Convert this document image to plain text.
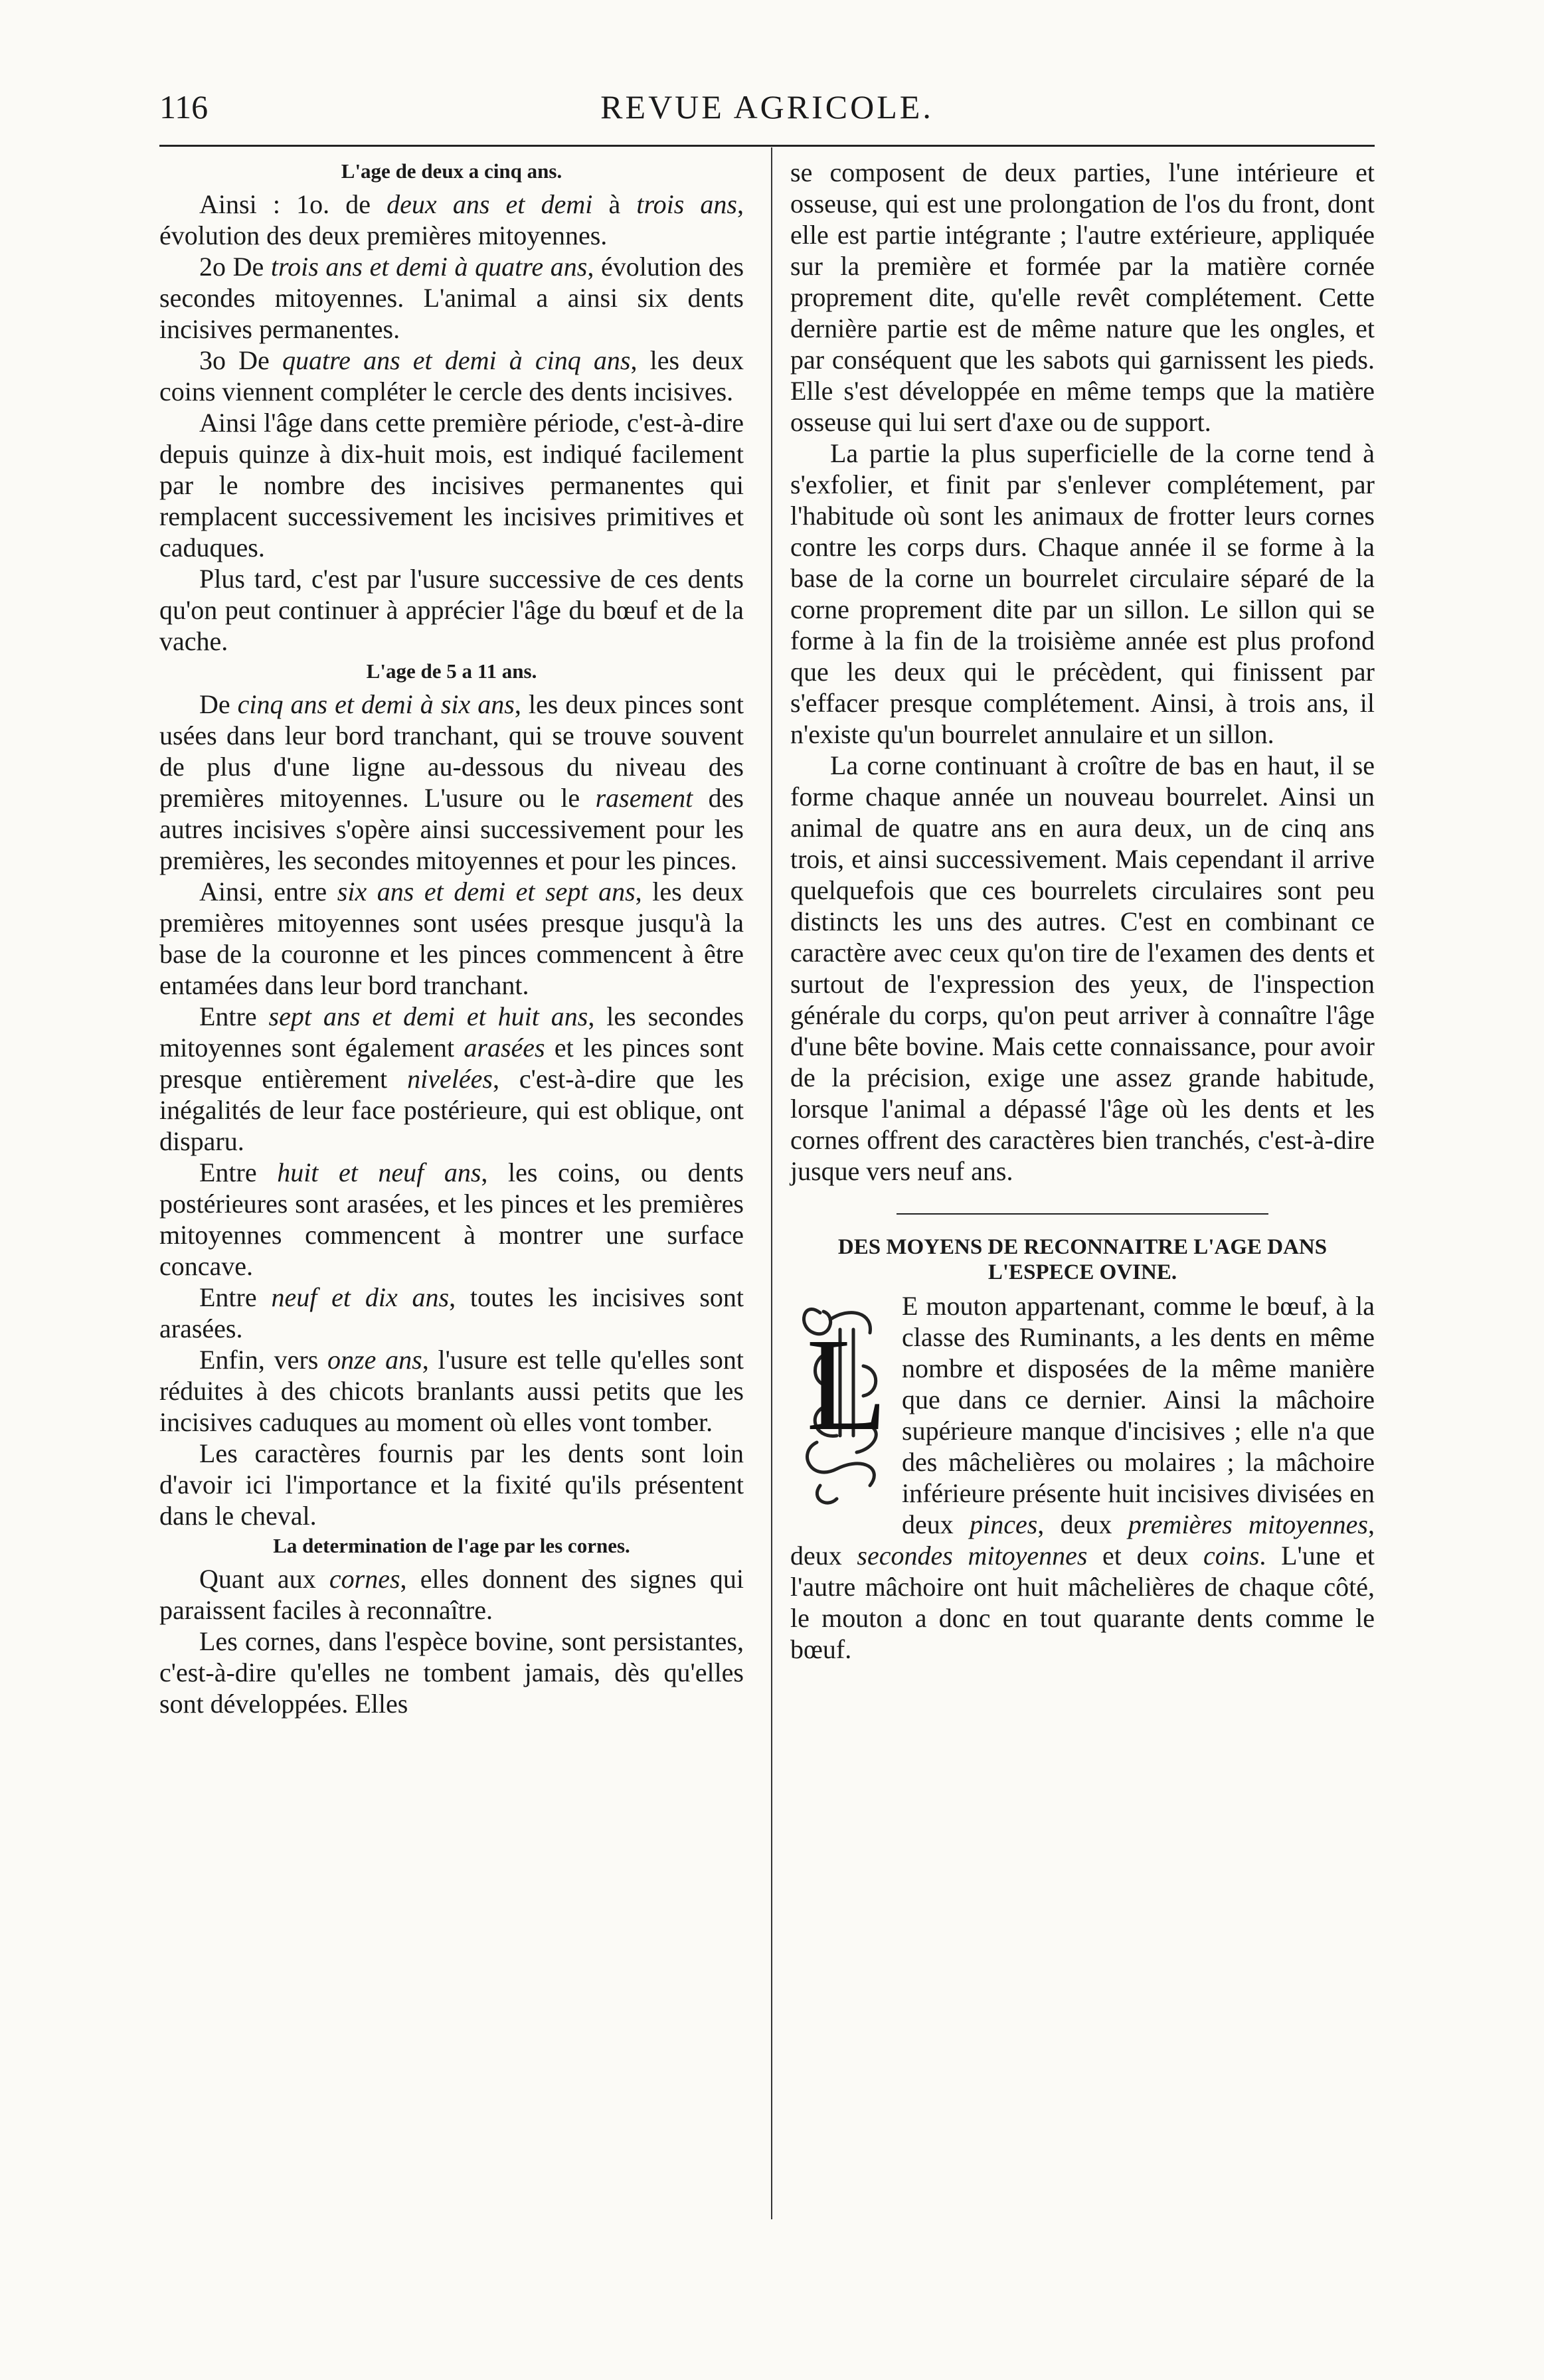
116	REVUE AGRICOLE.
L'age de deux a cinq ans.

Ainsi : 1o. de deux ans et demi à trois ans, évolution des deux premières mitoyennes.

2o De trois ans et demi à quatre ans, évolution des secondes mitoyennes. L'animal a ainsi six dents incisives permanentes.

3o De quatre ans et demi à cinq ans, les deux coins viennent compléter le cercle des dents incisives.

Ainsi l'âge dans cette première période, c'est-à-dire depuis quinze à dix-huit mois, est indiqué facilement par le nombre des incisives permanentes qui remplacent successivement les incisives primitives et caduques.

Plus tard, c'est par l'usure successive de ces dents qu'on peut continuer à apprécier l'âge du bœuf et de la vache.

L'age de 5 a 11 ans.

De cinq ans et demi à six ans, les deux pinces sont usées dans leur bord tranchant, qui se trouve souvent de plus d'une ligne au-dessous du niveau des premières mitoyennes. L'usure ou le rasement des autres incisives s'opère ainsi successivement pour les premières, les secondes mitoyennes et pour les pinces.

Ainsi, entre six ans et demi et sept ans, les deux premières mitoyennes sont usées presque jusqu'à la base de la couronne et les pinces commencent à être entamées dans leur bord tranchant.

Entre sept ans et demi et huit ans, les secondes mitoyennes sont également arasées et les pinces sont presque entièrement nivelées, c'est-à-dire que les inégalités de leur face postérieure, qui est oblique, ont disparu.

Entre huit et neuf ans, les coins, ou dents postérieures sont arasées, et les pinces et les premières mitoyennes commencent à montrer une surface concave.

Entre neuf et dix ans, toutes les incisives sont arasées.

Enfin, vers onze ans, l'usure est telle qu'elles sont réduites à des chicots branlants aussi petits que les incisives caduques au moment où elles vont tomber.

Les caractères fournis par les dents sont loin d'avoir ici l'importance et la fixité qu'ils présentent dans le cheval.

La determination de l'age par les cornes.

Quant aux cornes, elles donnent des signes qui paraissent faciles à reconnaître.

Les cornes, dans l'espèce bovine, sont persistantes, c'est-à-dire qu'elles ne tombent jamais, dès qu'elles sont développées. Elles

se composent de deux parties, l'une intérieure et osseuse, qui est une prolongation de l'os du front, dont elle est partie intégrante ; l'autre extérieure, appliquée sur la première et formée par la matière cornée proprement dite, qu'elle revêt complétement. Cette dernière partie est de même nature que les ongles, et par conséquent que les sabots qui garnissent les pieds. Elle s'est développée en même temps que la matière osseuse qui lui sert d'axe ou de support.

La partie la plus superficielle de la corne tend à s'exfolier, et finit par s'enlever complétement, par l'habitude où sont les animaux de frotter leurs cornes contre les corps durs. Chaque année il se forme à la base de la corne un bourrelet circulaire séparé de la corne proprement dite par un sillon. Le sillon qui se forme à la fin de la troisième année est plus profond que les deux qui le précèdent, qui finissent par s'effacer presque complétement. Ainsi, à trois ans, il n'existe qu'un bourrelet annulaire et un sillon.

La corne continuant à croître de bas en haut, il se forme chaque année un nouveau bourrelet. Ainsi un animal de quatre ans en aura deux, un de cinq ans trois, et ainsi successivement. Mais cependant il arrive quelquefois que ces bourrelets circulaires sont peu distincts les uns des autres. C'est en combinant ce caractère avec ceux qu'on tire de l'examen des dents et surtout de l'expression des yeux, de l'inspection générale du corps, qu'on peut arriver à connaître l'âge d'une bête bovine. Mais cette connaissance, pour avoir de la précision, exige une assez grande habitude, lorsque l'animal a dépassé l'âge où les dents et les cornes offrent des caractères bien tranchés, c'est-à-dire jusque vers neuf ans.

DES MOYENS DE RECONNAITRE L'AGE DANS L'ESPECE OVINE.
L

E mouton appartenant, comme le bœuf, à la classe des Ruminants, a les dents en même nombre et disposées de la même manière que dans ce dernier. Ainsi la mâchoire supérieure manque d'incisives ; elle n'a que des mâchelières ou molaires ; la mâchoire inférieure présente huit incisives divisées en deux pinces, deux premières mitoyennes, deux secondes mitoyennes et deux coins. L'une et l'autre mâchoire ont huit mâchelières de chaque côté, le mouton a donc en tout quarante dents comme le bœuf.
